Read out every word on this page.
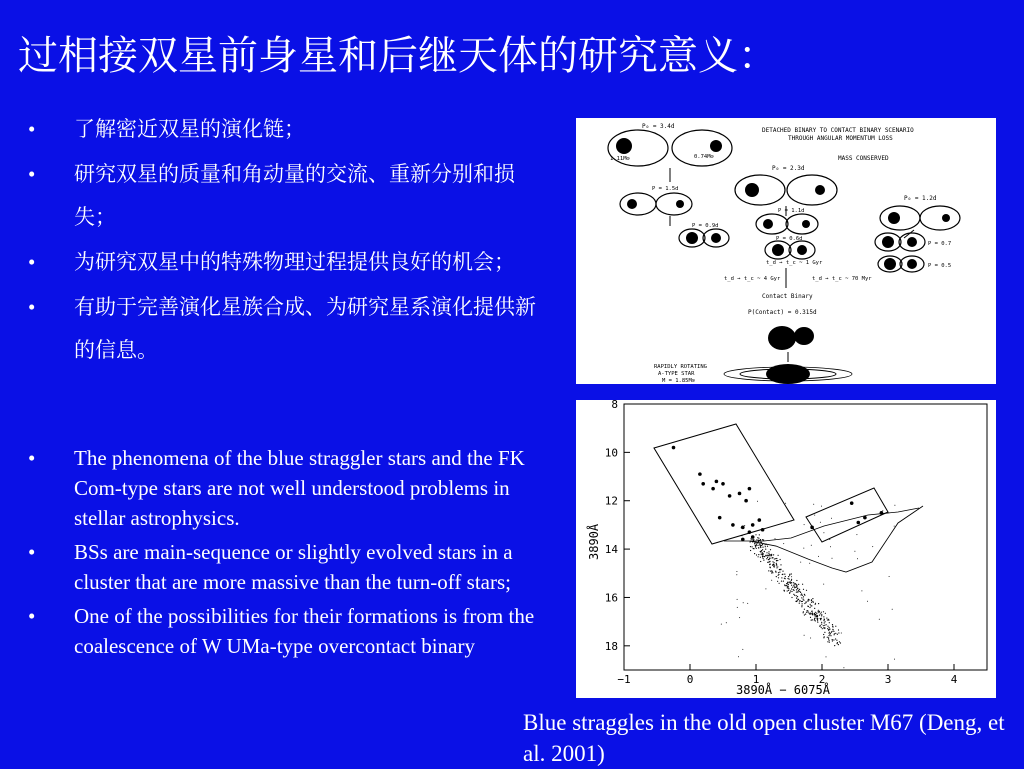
过相接双星前身星和后继天体的研究意义：
• 了解密近双星的演化链；
• 研究双星的质量和角动量的交流、重新分别和损失；
• 为研究双星中的特殊物理过程提供良好的机会；
• 有助于完善演化星族合成、为研究星系演化提供新的信息。
• The phenomena of the blue straggler stars and the FK Com-type stars are not well understood problems in stellar astrophysics.
• BSs are main-sequence or slightly evolved stars in a cluster that are more massive than the turn-off stars;
• One of the possibilities for their formations is from the coalescence of W UMa-type overcontact binary
DETACHED BINARY TO CONTACT BINARY SCENARIO
THROUGH ANGULAR MOMENTUM LOSS
MASS CONSERVED
P₀ = 3.4d
1.11M⊙	0.74M⊙
P = 1.5d
P₀ = 2.3d
P = 1.1d
P₀ = 1.2d
P = 0.9d
P = 0.6d
P = 0.7
P = 0.5
t_d → t_c ~ 1 Gyr
t_d → t_c ~ 4 Gyr	t_d → t_c ~ 70 Myr
Contact Binary
P(Contact) = 0.315d
RAPIDLY ROTATING
A-TYPE STAR
M = 1.85M⊙
8
10
12
14
16
18
−1	0	1	2	3	4
3890Å
3890Å − 6075Å
Blue straggles in the old open cluster M67 (Deng, et al. 2001)
